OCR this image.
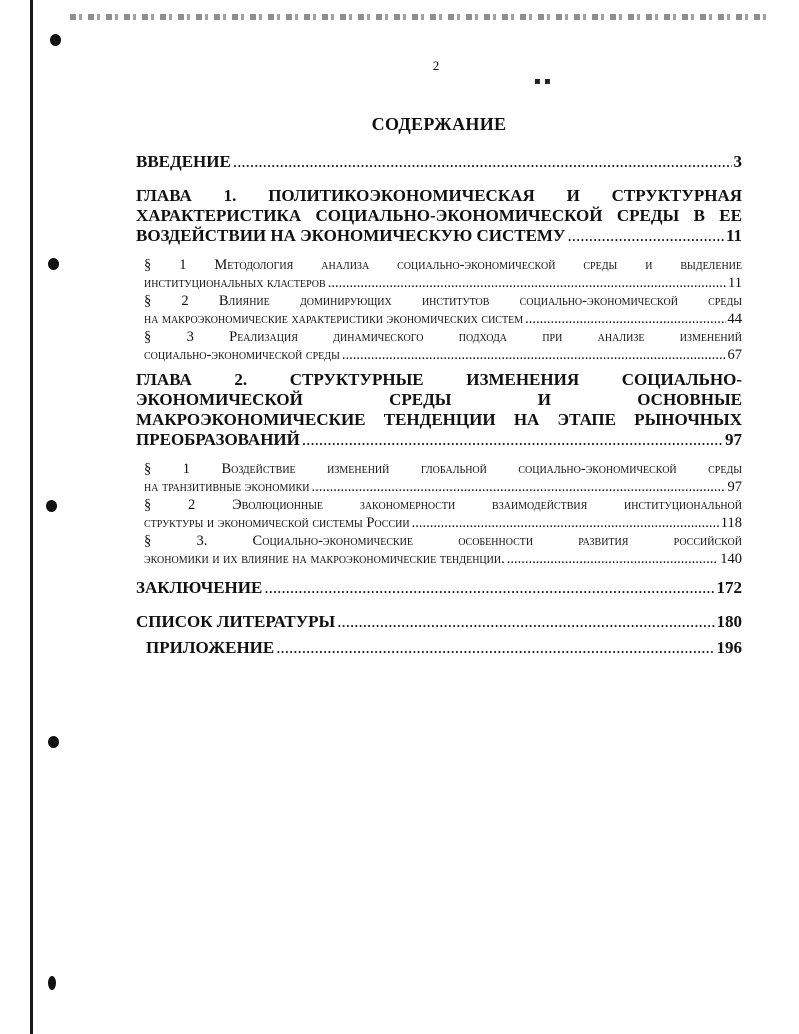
▪ ▪
2
СОДЕРЖАНИЕ
ВВЕДЕНИЕ .....	3
ГЛАВА 1. ПОЛИТИКОЭКОНОМИЧЕСКАЯ И СТРУКТУРНАЯ
ХАРАКТЕРИСТИКА СОЦИАЛЬНО-ЭКОНОМИЧЕСКОЙ СРЕДЫ В ЕЕ
ВОЗДЕЙСТВИИ НА ЭКОНОМИЧЕСКУЮ СИСТЕМУ .....	11
§ 1 Методология анализа социально-экономической среды и выделение
институциональных кластеров .....	11
§ 2 Влияние доминирующих институтов социально-экономической среды
на макроэкономические характеристики экономических систем .....	44
§ 3 Реализация динамического подхода при анализе изменений
социально-экономической среды .....	67
ГЛАВА 2. СТРУКТУРНЫЕ ИЗМЕНЕНИЯ СОЦИАЛЬНО-
ЭКОНОМИЧЕСКОЙ СРЕДЫ И ОСНОВНЫЕ
МАКРОЭКОНОМИЧЕСКИЕ ТЕНДЕНЦИИ НА ЭТАПЕ РЫНОЧНЫХ
ПРЕОБРАЗОВАНИЙ .....	97
§ 1 Воздействие изменений глобальной социально-экономической среды
на транзитивные экономики .....	97
§ 2 Эволюционные закономерности взаимодействия институциональной
структуры и экономической системы России .....	118
§ 3. Социально-экономические особенности развития российской
экономики и их влияние на макроэкономические тенденции. .....	140
ЗАКЛЮЧЕНИЕ .....	172
СПИСОК ЛИТЕРАТУРЫ .....	180
ПРИЛОЖЕНИЕ .....	196
